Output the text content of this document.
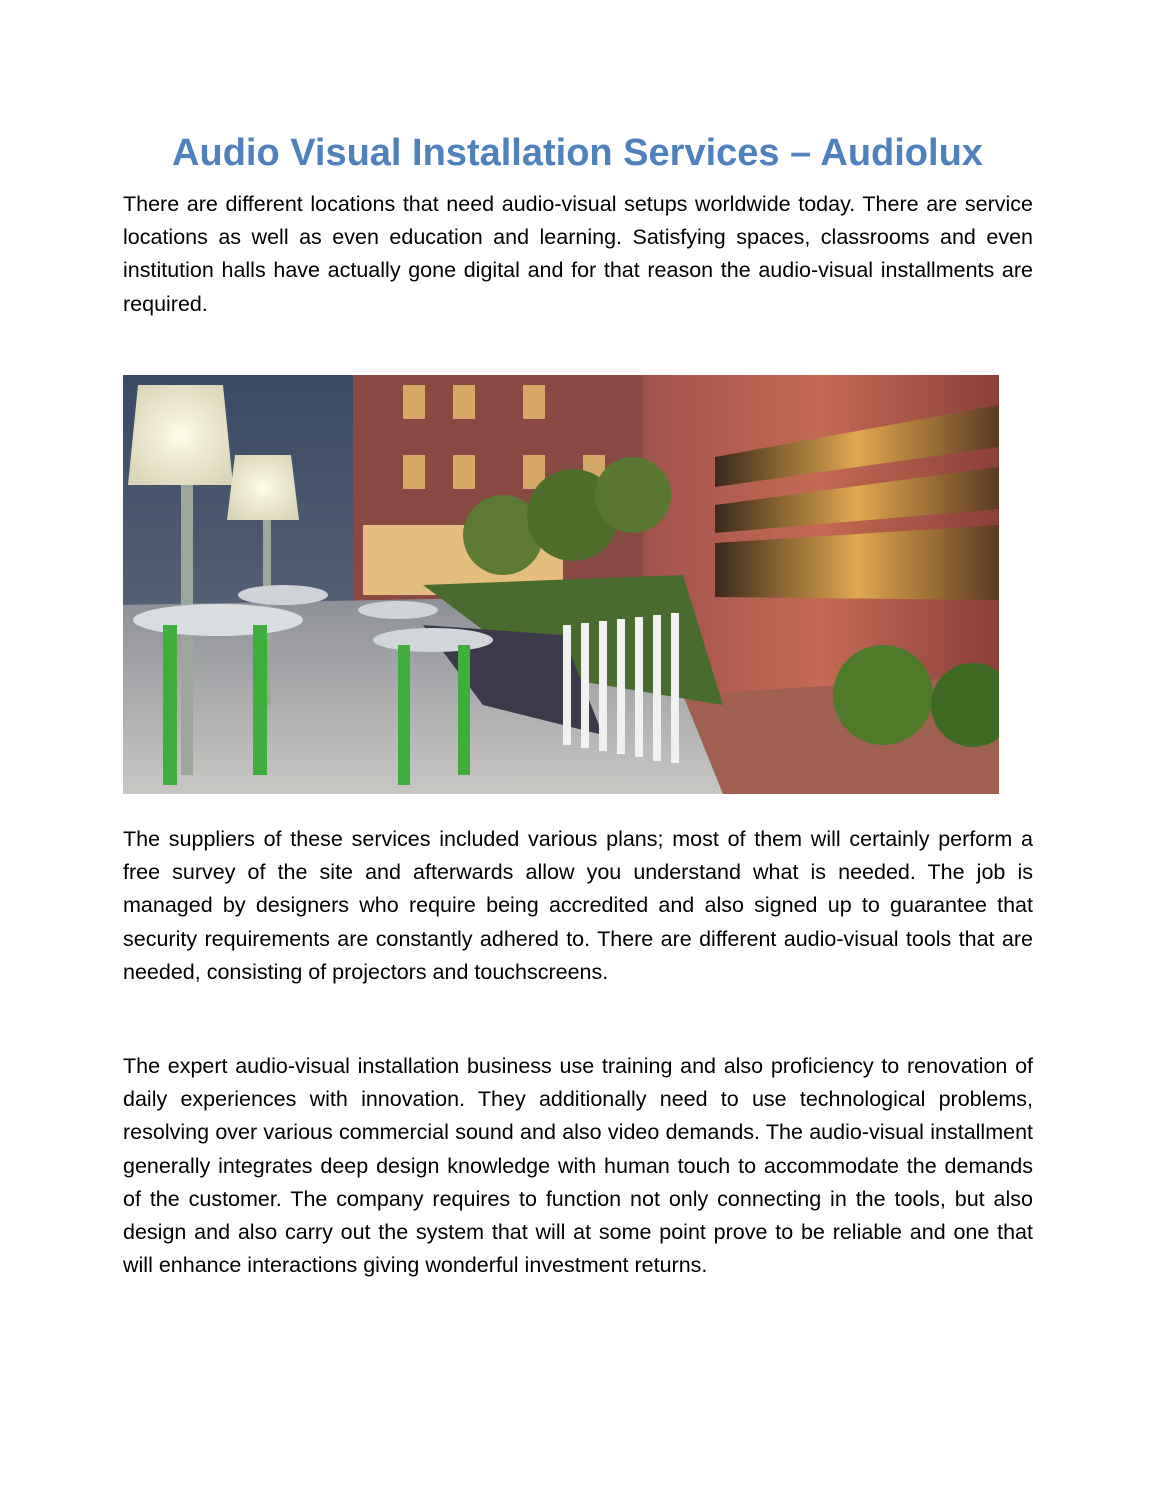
Audio Visual Installation Services – Audiolux

There are different locations that need audio-visual setups worldwide today. There are service locations as well as even education and learning. Satisfying spaces, classrooms and even institution halls have actually gone digital and for that reason the audio-visual installments are required.

The suppliers of these services included various plans; most of them will certainly perform a free survey of the site and afterwards allow you understand what is needed. The job is managed by designers who require being accredited and also signed up to guarantee that security requirements are constantly adhered to. There are different audio-visual tools that are needed, consisting of projectors and touchscreens.

The expert audio-visual installation business use training and also proficiency to renovation of daily experiences with innovation. They additionally need to use technological problems, resolving over various commercial sound and also video demands. The audio-visual installment generally integrates deep design knowledge with human touch to accommodate the demands of the customer. The company requires to function not only connecting in the tools, but also design and also carry out the system that will at some point prove to be reliable and one that will enhance interactions giving wonderful investment returns.
